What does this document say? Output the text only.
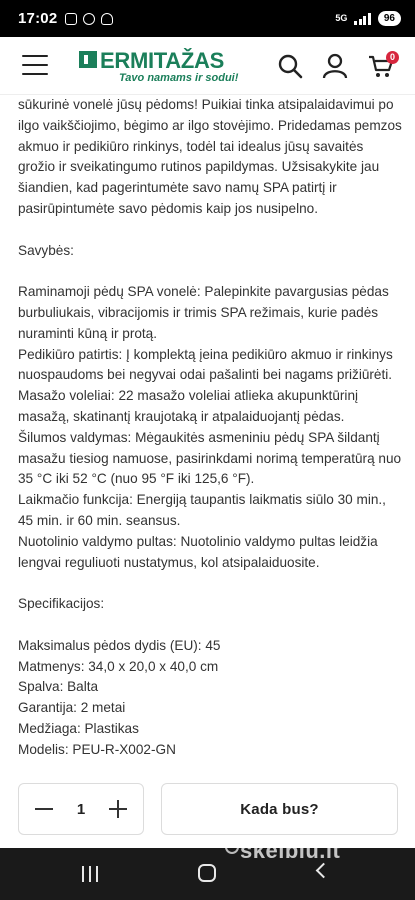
17:02	5G	96
ERMITAŽAS
Tavo namams ir sodui!
0
sūkurinė vonelė jūsų pėdoms! Puikiai tinka atsipalaidavimui po ilgo vaikščiojimo, bėgimo ar ilgo stovėjimo. Pridedamas pemzos akmuo ir pedikiūro rinkinys, todėl tai idealus jūsų savaitės grožio ir sveikatingumo rutinos papildymas. Užsisakykite jau šiandien, kad pagerintumėte savo namų SPA patirtį ir pasirūpintumėte savo pėdomis kaip jos nusipelno.
Savybės:
Raminamoji pėdų SPA vonelė: Palepinkite pavargusias pėdas burbuliukais, vibracijomis ir trimis SPA režimais, kurie padės nuraminti kūną ir protą.
Pedikiūro patirtis: Į komplektą įeina pedikiūro akmuo ir rinkinys nuospaudoms bei negyvai odai pašalinti bei nagams prižiūrėti.
Masažo voleliai: 22 masažo voleliai atlieka akupunktūrinį masažą, skatinantį kraujotaką ir atpalaiduojantį pėdas.
Šilumos valdymas: Mėgaukitės asmeniniu pėdų SPA šildantį masažu tiesiog namuose, pasirinkdami norimą temperatūrą nuo 35 °C iki 52 °C (nuo 95 °F iki 125,6 °F).
Laikmačio funkcija: Energiją taupantis laikmatis siūlo 30 min., 45 min. ir 60 min. seansus.
Nuotolinio valdymo pultas: Nuotolinio valdymo pultas leidžia lengvai reguliuoti nustatymus, kol atsipalaiduosite.
Specifikacijos:
Maksimalus pėdos dydis (EU): 45
Matmenys: 34,0 x 20,0 x 40,0 cm
Spalva: Balta
Garantija: 2 metai
Medžiaga: Plastikas
Modelis: PEU-R-X002-GN
1	Kada bus?
skelbiu.lt
